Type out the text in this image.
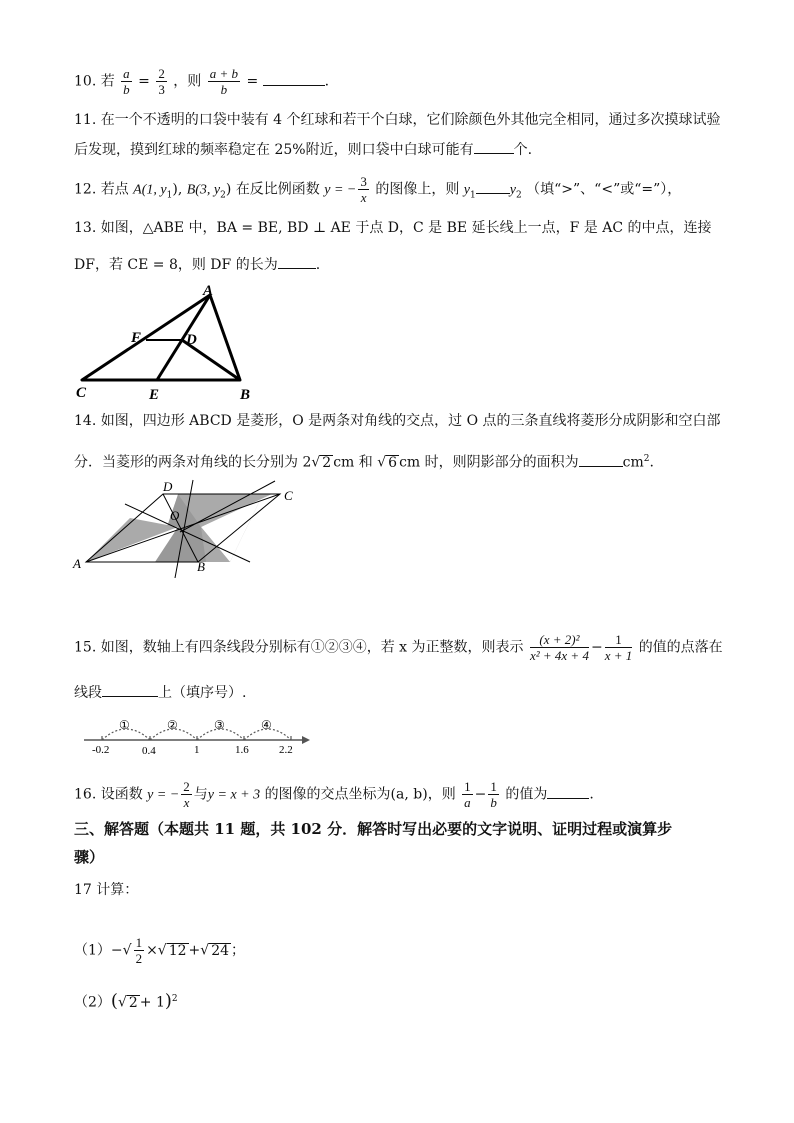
10. 若 $\frac{a}{b} = \frac{2}{3}$ ，则 $\frac{a + b}{b}$ =	.
11. 在一个不透明的口袋中装有 4 个红球和若干个白球，它们除颜色外其他完全相同，通过多次摸球试验
后发现，摸到红球的频率稳定在 25%附近，则口袋中白球可能有	个.
12. 若点 A(1, $y_1$), B(3, $y_2$) 在反比例函数 y = − $\frac{3}{x}$ 的图像上，则 $y_1$ $y_2$ （填“>”、“<”或“=”），
13. 如图，△ABE 中，BA = BE, BD ⊥ AE 于点 D，C 是 BE 延长线上一点，F 是 AC 的中点，连接
DF，若 CE = 8，则 DF 的长为	.
A
F	D
C	E	B
14. 如图，四边形 ABCD 是菱形，O 是两条对角线的交点，过 O 点的三条直线将菱形分成阴影和空白部
分．当菱形的两条对角线的长分别为 2√ 2 cm 和 √ 6 cm 时，则阴影部分的面积为	$cm^2$.
D
C
O
A	B
15. 如图，数轴上有四条线段分别标有①②③④，若 x 为正整数，则表示 $\frac{\text{(x + 2)²}}{\text{x² + 4x + 4}} - \frac{1}{x + 1}$ 的值的点落在
线段	上（填序号）.
①	②	③	④
-0.2	0.4	1	1.6	2.2
16. 设函数 y = − $\frac{2}{x}$ 与y = x + 3 的图像的交点坐标为(a, b)，则 $\frac{1}{a} - \frac{1}{b}$ 的值为	.
三、解答题（本题共 11 题，共 102 分．解答时写出必要的文字说明、证明过程或演算步
骤）
17 计算：
$(1)-√ \frac{1}{2}$ ×√ 12 +√ 24 ；
（2）(√ 2 + 1)$^2$
